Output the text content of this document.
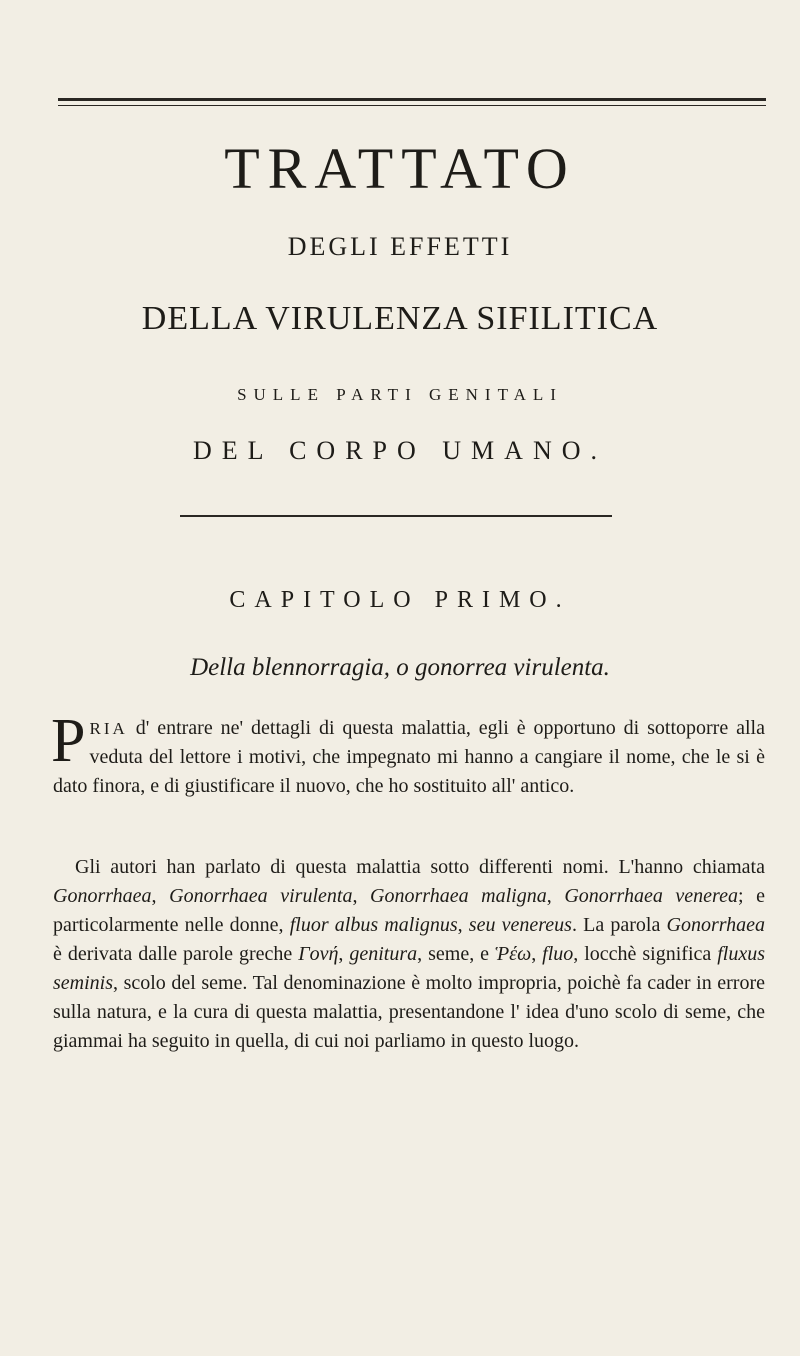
TRATTATO
DEGLI EFFETTI
DELLA VIRULENZA SIFILITICA
SULLE PARTI GENITALI
DEL CORPO UMANO.
CAPITOLO PRIMO.
Della blennorragia, o gonorrea virulenta.
PRIA d' entrare ne' dettagli di questa malattia, egli è opportuno di sottoporre alla veduta del lettore i motivi, che impegnato mi hanno a cangiare il nome, che le si è dato finora, e di giustificare il nuovo, che ho sostituito all' antico.
Gli autori han parlato di questa malattia sotto differenti nomi. L'hanno chiamata Gonorrhaea, Gonorrhaea virulenta, Gonorrhaea maligna, Gonorrhaea venerea; e particolarmente nelle donne, fluor albus malignus, seu venereus. La parola Gonorrhaea è derivata dalle parole greche Γονή, genitura, seme, e Ῥέω, fluo, locchè significa fluxus seminis, scolo del seme. Tal denominazione è molto impropria, poichè fa cader in errore sulla natura, e la cura di questa malattia, presentandone l' idea d'uno scolo di seme, che giammai ha seguito in quella, di cui noi parliamo in questo luogo.
